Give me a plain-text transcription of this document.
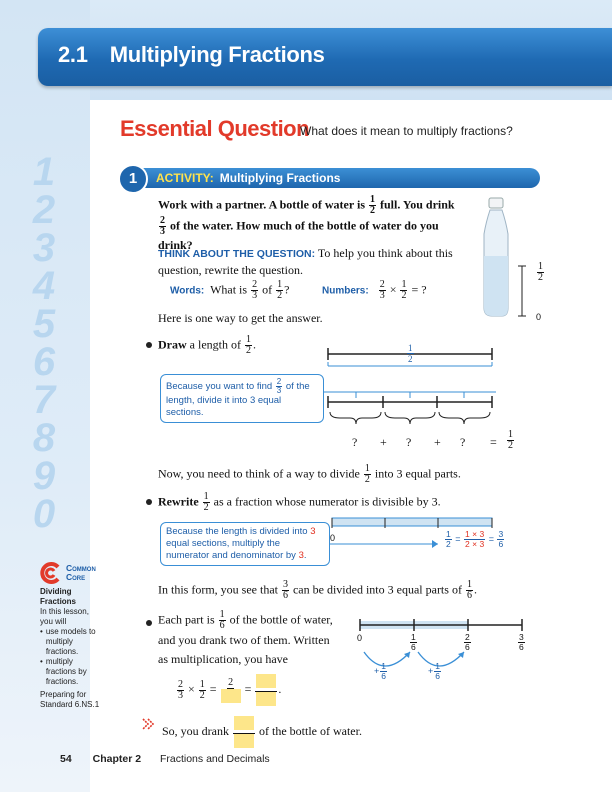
1
2
3
4
5
6
7
8
9
0
2.1 Multiplying Fractions
Essential Question
What does it mean to multiply fractions?
1	ACTIVITY: Multiplying Fractions
Work with a partner. A bottle of water is $\frac{1}{2}$ full. You drink
$\frac{2}{3}$ of the water. How much of the bottle of water do you drink?
$\frac{1}{2}$
0
THINK ABOUT THE QUESTION: To help you think about this
question, rewrite the question.
Words: What is $\frac{2}{3}$ of $\frac{1}{2}$ ?	Numbers: $\frac{2}{3} \times \frac{1}{2}$ = ?
Here is one way to get the answer.
Draw a length of $\frac{1}{2}$ .	$\frac{1}{2}$
Because you want to find $\frac{2}{3}$ of the length, divide it into 3 equal sections.
? + ? + ? = $\frac{1}{2}$
Now, you need to think of a way to divide $\frac{1}{2}$ into 3 equal parts.
Rewrite $\frac{1}{2}$ as a fraction whose numerator is divisible by 3.
0	$\frac{1}{2} = \frac{1 \times 3}{2 \times 3} = \frac{3}{6}$
Because the length is divided into 3 equal sections, multiply the numerator and denominator by 3.
In this form, you see that $\frac{3}{6}$ can be divided into 3 equal parts of $\frac{1}{6}$ .
Each part is $\frac{1}{6}$ of the bottle of water,
and you drank two of them. Written
as multiplication, you have
0	$\frac{1}{6}$	$\frac{2}{6}$	$\frac{3}{6}$
+ $\frac{1}{6}$	+ $\frac{1}{6}$
$\frac{2}{3} \times \frac{1}{2} = 2$ = .
So, you drank	of the bottle of water.
Common
Core
Dividing Fractions
In this lesson, you will
• use models to multiply fractions.
• multiply fractions by fractions.
Preparing for Standard 6.NS.1
54 Chapter 2 Fractions and Decimals
